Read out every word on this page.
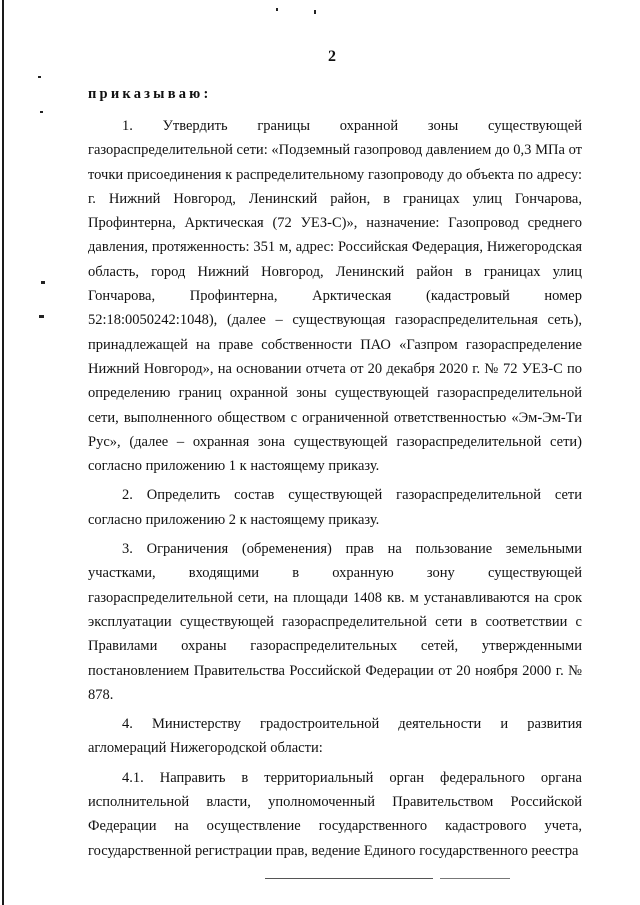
2
приказываю:

1. Утвердить границы охранной зоны существующей газораспределительной сети: «Подземный газопровод давлением до 0,3 МПа от точки присоединения к распределительному газопроводу до объекта по адресу: г. Нижний Новгород, Ленинский район, в границах улиц Гончарова, Профинтерна, Арктическая (72 УЕЗ-С)», назначение: Газопровод среднего давления, протяженность: 351 м, адрес: Российская Федерация, Нижегородская область, город Нижний Новгород, Ленинский район в границах улиц Гончарова, Профинтерна, Арктическая (кадастровый номер 52:18:0050242:1048), (далее – существующая газораспределительная сеть), принадлежащей на праве собственности ПАО «Газпром газораспределение Нижний Новгород», на основании отчета от 20 декабря 2020 г. № 72 УЕЗ-С по определению границ охранной зоны существующей газораспределительной сети, выполненного обществом с ограниченной ответственностью «Эм-Эм-Ти Рус», (далее – охранная зона существующей газораспределительной сети) согласно приложению 1 к настоящему приказу.

2. Определить состав существующей газораспределительной сети согласно приложению 2 к настоящему приказу.

3. Ограничения (обременения) прав на пользование земельными участками, входящими в охранную зону существующей газораспределительной сети, на площади 1408 кв. м устанавливаются на срок эксплуатации существующей газораспределительной сети в соответствии с Правилами охраны газораспределительных сетей, утвержденными постановлением Правительства Российской Федерации от 20 ноября 2000 г. № 878.

4. Министерству градостроительной деятельности и развития агломераций Нижегородской области:

4.1. Направить в территориальный орган федерального органа исполнительной власти, уполномоченный Правительством Российской Федерации на осуществление государственного кадастрового учета, государственной регистрации прав, ведение Единого государственного реестра
